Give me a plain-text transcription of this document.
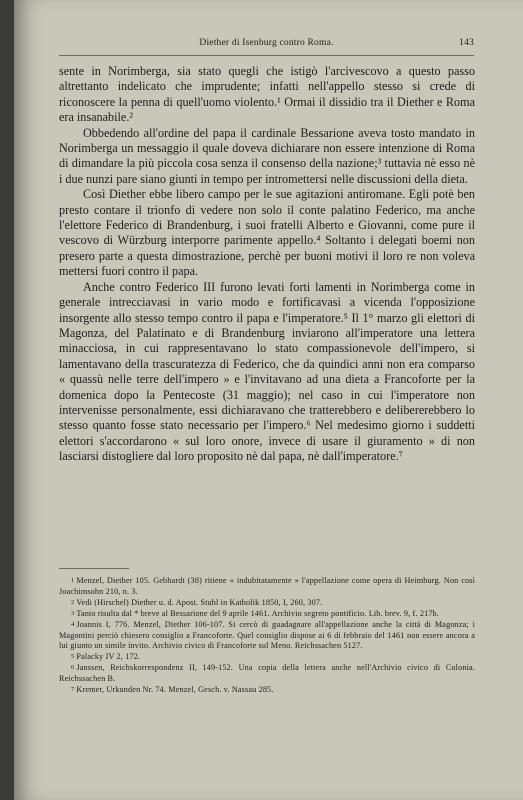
Diether di Isenburg contro Roma.	143

sente in Norimberga, sia stato quegli che istigò l'arcivescovo a questo passo altrettanto indelicato che imprudente; infatti nell'appello stesso si crede di riconoscere la penna di quell'uomo violento.¹ Ormai il dissidio tra il Diether e Roma era insanabile.²

Obbedendo all'ordine del papa il cardinale Bessarione aveva tosto mandato in Norimberga un messaggio il quale doveva dichiarare non essere intenzione di Roma di dimandare la più piccola cosa senza il consenso della nazione;³ tuttavia nè esso nè i due nunzi pare siano giunti in tempo per intromettersi nelle discussioni della dieta.

Così Diether ebbe libero campo per le sue agitazioni antiromane. Egli potè ben presto contare il trionfo di vedere non solo il conte palatino Federico, ma anche l'elettore Federico di Brandenburg, i suoi fratelli Alberto e Giovanni, come pure il vescovo di Würzburg interporre parimente appello.⁴ Soltanto i delegati boemi non presero parte a questa dimostrazione, perchè per buoni motivi il loro re non voleva mettersi fuori contro il papa.

Anche contro Federico III furono levati forti lamenti in Norimberga come in generale intrecciavasi in vario modo e fortificavasi a vicenda l'opposizione insorgente allo stesso tempo contro il papa e l'imperatore.⁵ Il 1° marzo gli elettori di Magonza, del Palatinato e di Brandenburg inviarono all'imperatore una lettera minacciosa, in cui rappresentavano lo stato compassionevole dell'impero, si lamentavano della trascuratezza di Federico, che da quindici anni non era comparso « quassù nelle terre dell'impero » e l'invitavano ad una dieta a Francoforte per la domenica dopo la Pentecoste (31 maggio); nel caso in cui l'imperatore non intervenisse personalmente, essi dichiaravano che tratterebbero e delibererebbero lo stesso quanto fosse stato necessario per l'impero.⁶ Nel medesimo giorno i suddetti elettori s'accordarono « sul loro onore, invece di usare il giuramento » di non lasciarsi distogliere dal loro proposito nè dal papa, nè dall'imperatore.⁷

$^1$ Menzel, Diether 105. Gebhardt (38) ritiene « indubitatamente » l'appellazione come opera di Heimburg. Non così Joachimsohn 210, n. 3.

$^2$ Vedi (Hirschel) Diether u. d. Apost. Stuhl in Katholik 1850, I, 260, 307.

$^3$ Tanto risulta dal * breve al Bessarione del 9 aprile 1461. Archivio segreto pontificio. Lib. brev. 9, f. 217b.

$^4$ Joannis I, 776. Menzel, Diether 106-107. Si cercò di guadagnare all'appellazione anche la città di Magonza; i Magontini perciò chiesero consiglio a Francoforte. Quel consiglio dispose ai 6 di febbraio del 1461 non essere ancora a lui giunto un simile invito. Archivio civico di Francoforte sul Meno. Reichssachen 5127.

$^5$ Palacky IV 2, 172.

$^6$ Janssen, Reichskorrespondenz II, 149-152. Una copia della lettera anche nell'Archivio civico di Colonia. Reichssachen B.

$^7$ Kremer, Urkunden Nr. 74. Menzel, Gesch. v. Nassau 285.
